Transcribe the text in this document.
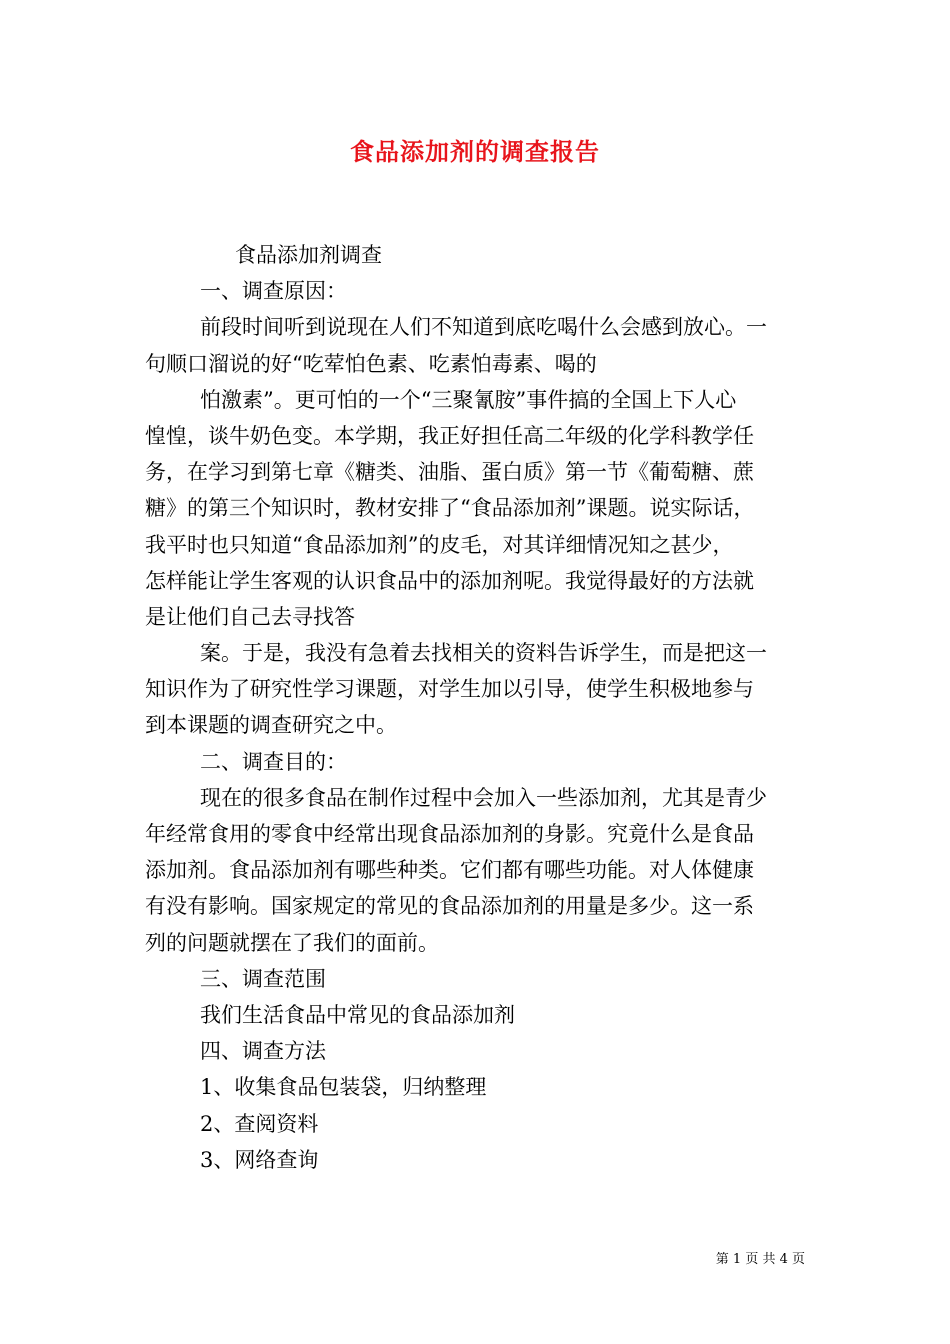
食品添加剂的调查报告
食品添加剂调查
一、调查原因：
前段时间听到说现在人们不知道到底吃喝什么会感到放心。一
句顺口溜说的好“吃荤怕色素、吃素怕毒素、喝的
怕激素”。更可怕的一个“三聚氰胺”事件搞的全国上下人心
惶惶，谈牛奶色变。本学期，我正好担任高二年级的化学科教学任
务，在学习到第七章《糖类、油脂、蛋白质》第一节《葡萄糖、蔗
糖》的第三个知识时，教材安排了“食品添加剂”课题。说实际话，
我平时也只知道“食品添加剂”的皮毛，对其详细情况知之甚少，
怎样能让学生客观的认识食品中的添加剂呢。我觉得最好的方法就
是让他们自己去寻找答
案。于是，我没有急着去找相关的资料告诉学生，而是把这一
知识作为了研究性学习课题，对学生加以引导，使学生积极地参与
到本课题的调查研究之中。
二、调查目的：
现在的很多食品在制作过程中会加入一些添加剂，尤其是青少
年经常食用的零食中经常出现食品添加剂的身影。究竟什么是食品
添加剂。食品添加剂有哪些种类。它们都有哪些功能。对人体健康
有没有影响。国家规定的常见的食品添加剂的用量是多少。这一系
列的问题就摆在了我们的面前。
三、调查范围
我们生活食品中常见的食品添加剂
四、调查方法
1、收集食品包装袋，归纳整理
2、查阅资料
3、网络查询
第 1 页 共 4 页
